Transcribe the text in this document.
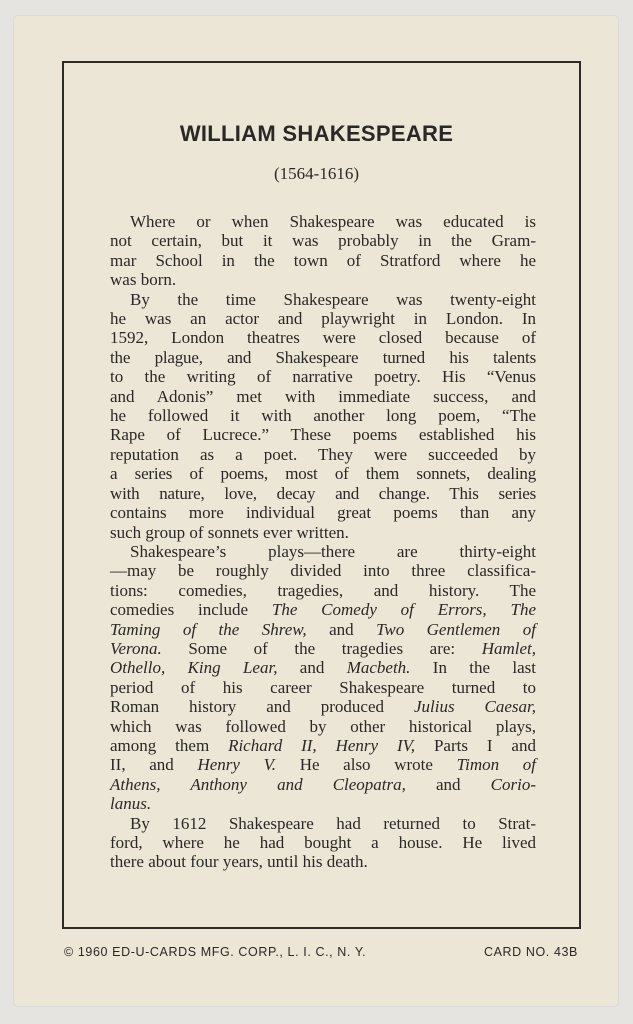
WILLIAM SHAKESPEARE
(1564-1616)
Where or when Shakespeare was educated is
not certain, but it was probably in the Gram-
mar School in the town of Stratford where he
was born.
By the time Shakespeare was twenty-eight
he was an actor and playwright in London. In
1592, London theatres were closed because of
the plague, and Shakespeare turned his talents
to the writing of narrative poetry. His “Venus
and Adonis” met with immediate success, and
he followed it with another long poem, “The
Rape of Lucrece.” These poems established his
reputation as a poet. They were succeeded by
a series of poems, most of them sonnets, dealing
with nature, love, decay and change. This series
contains more individual great poems than any
such group of sonnets ever written.
Shakespeare’s plays—there are thirty-eight
—may be roughly divided into three classifica-
tions: comedies, tragedies, and history. The
comedies include The Comedy of Errors, The
Taming of the Shrew, and Two Gentlemen of
Verona. Some of the tragedies are: Hamlet,
Othello, King Lear, and Macbeth. In the last
period of his career Shakespeare turned to
Roman history and produced Julius Caesar,
which was followed by other historical plays,
among them Richard II, Henry IV, Parts I and
II, and Henry V. He also wrote Timon of
Athens, Anthony and Cleopatra, and Corio-
lanus.
By 1612 Shakespeare had returned to Strat-
ford, where he had bought a house. He lived
there about four years, until his death.
© 1960 ED-U-CARDS MFG. CORP., L. I. C., N. Y.	CARD NO. 43B
